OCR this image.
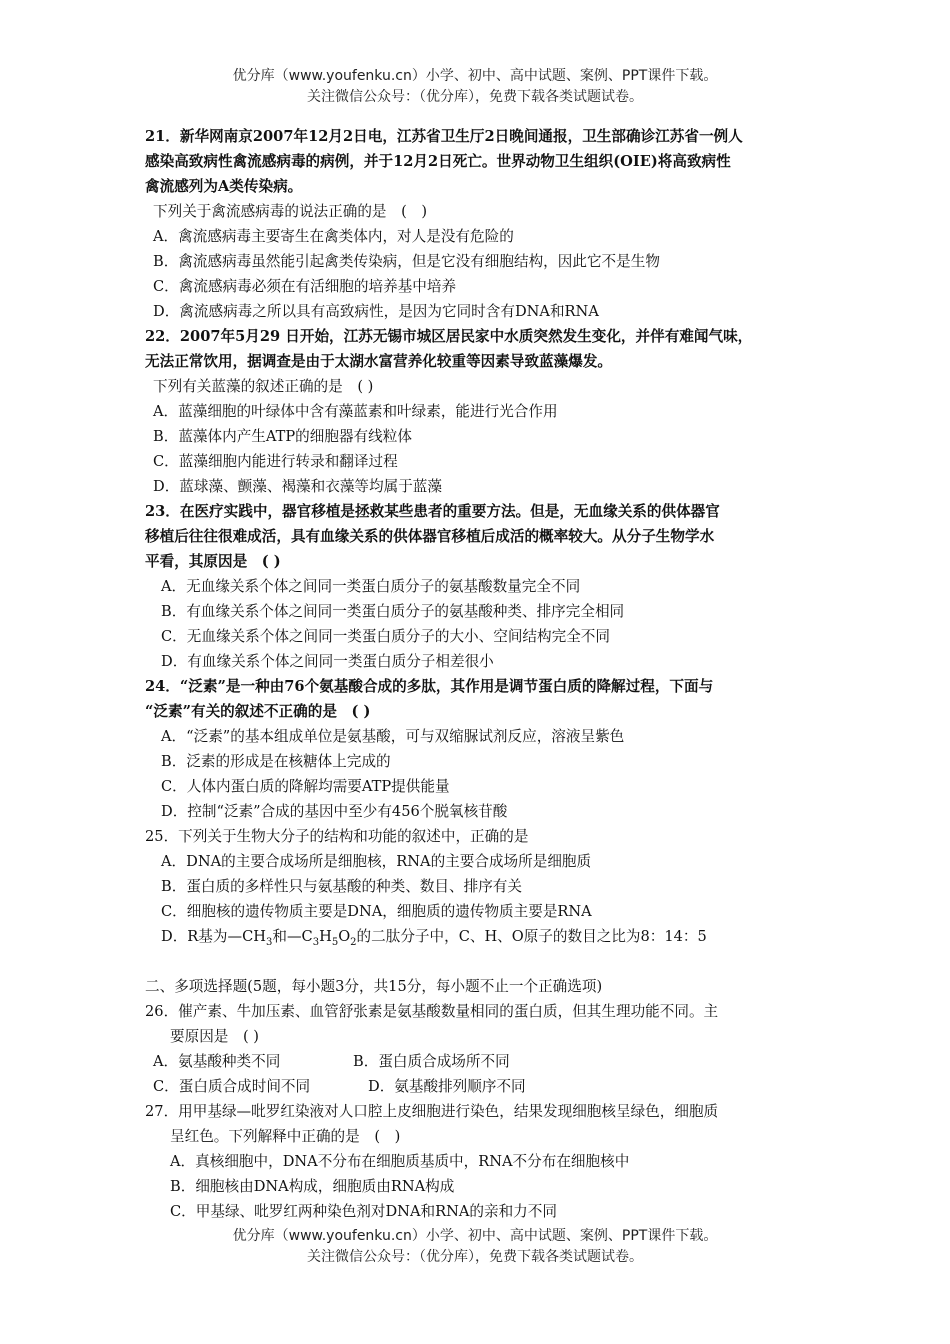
优分库（www.youfenku.cn）小学、初中、高中试题、案例、PPT课件下载。
关注微信公众号：（优分库），免费下载各类试题试卷。
21．新华网南京2007年12月2日电，江苏省卫生厅2日晚间通报，卫生部确诊江苏省一例人
感染高致病性禽流感病毒的病例，并于12月2日死亡。世界动物卫生组织(OIE)将高致病性
禽流感列为A类传染病。
下列关于禽流感病毒的说法正确的是　(　)
A．禽流感病毒主要寄生在禽类体内，对人是没有危险的
B．禽流感病毒虽然能引起禽类传染病，但是它没有细胞结构，因此它不是生物
C．禽流感病毒必须在有活细胞的培养基中培养
D．禽流感病毒之所以具有高致病性，是因为它同时含有DNA和RNA
22．2007年5月29 日开始，江苏无锡市城区居民家中水质突然发生变化，并伴有难闻气味，
无法正常饮用，据调查是由于太湖水富营养化较重等因素导致蓝藻爆发。
下列有关蓝藻的叙述正确的是　( )
A．蓝藻细胞的叶绿体中含有藻蓝素和叶绿素，能进行光合作用
B．蓝藻体内产生ATP的细胞器有线粒体
C．蓝藻细胞内能进行转录和翻译过程
D．蓝球藻、颤藻、褐藻和衣藻等均属于蓝藻
23．在医疗实践中，器官移植是拯救某些患者的重要方法。但是，无血缘关系的供体器官
移植后往往很难成活，具有血缘关系的供体器官移植后成活的概率较大。从分子生物学水
平看，其原因是　( )
A．无血缘关系个体之间同一类蛋白质分子的氨基酸数量完全不同
B．有血缘关系个体之间同一类蛋白质分子的氨基酸种类、排序完全相同
C．无血缘关系个体之间同一类蛋白质分子的大小、空间结构完全不同
D．有血缘关系个体之间同一类蛋白质分子相差很小
24．“泛素”是一种由76个氨基酸合成的多肽，其作用是调节蛋白质的降解过程，下面与
“泛素”有关的叙述不正确的是　( )
A．“泛素”的基本组成单位是氨基酸，可与双缩脲试剂反应，溶液呈紫色
B．泛素的形成是在核糖体上完成的
C．人体内蛋白质的降解均需要ATP提供能量
D．控制“泛素”合成的基因中至少有456个脱氧核苷酸
25．下列关于生物大分子的结构和功能的叙述中，正确的是
A．DNA的主要合成场所是细胞核，RNA的主要合成场所是细胞质
B．蛋白质的多样性只与氨基酸的种类、数目、排序有关
C．细胞核的遗传物质主要是DNA，细胞质的遗传物质主要是RNA
D．R基为$—CH_3$和$—C_3H_5O_2$的二肽分子中，C、H、O原子的数目之比为8：14：5
二、多项选择题(5题，每小题3分，共15分，每小题不止一个正确选项)
26．催产素、牛加压素、血管舒张素是氨基酸数量相同的蛋白质，但其生理功能不同。主
要原因是　( )
A．氨基酸种类不同	B．蛋白质合成场所不同
C．蛋白质合成时间不同	D．氨基酸排列顺序不同
27．用甲基绿—吡罗红染液对人口腔上皮细胞进行染色，结果发现细胞核呈绿色，细胞质
呈红色。下列解释中正确的是　(　)
A．真核细胞中，DNA不分布在细胞质基质中，RNA不分布在细胞核中
B．细胞核由DNA构成，细胞质由RNA构成
C．甲基绿、吡罗红两种染色剂对DNA和RNA的亲和力不同
优分库（www.youfenku.cn）小学、初中、高中试题、案例、PPT课件下载。
关注微信公众号：（优分库），免费下载各类试题试卷。
